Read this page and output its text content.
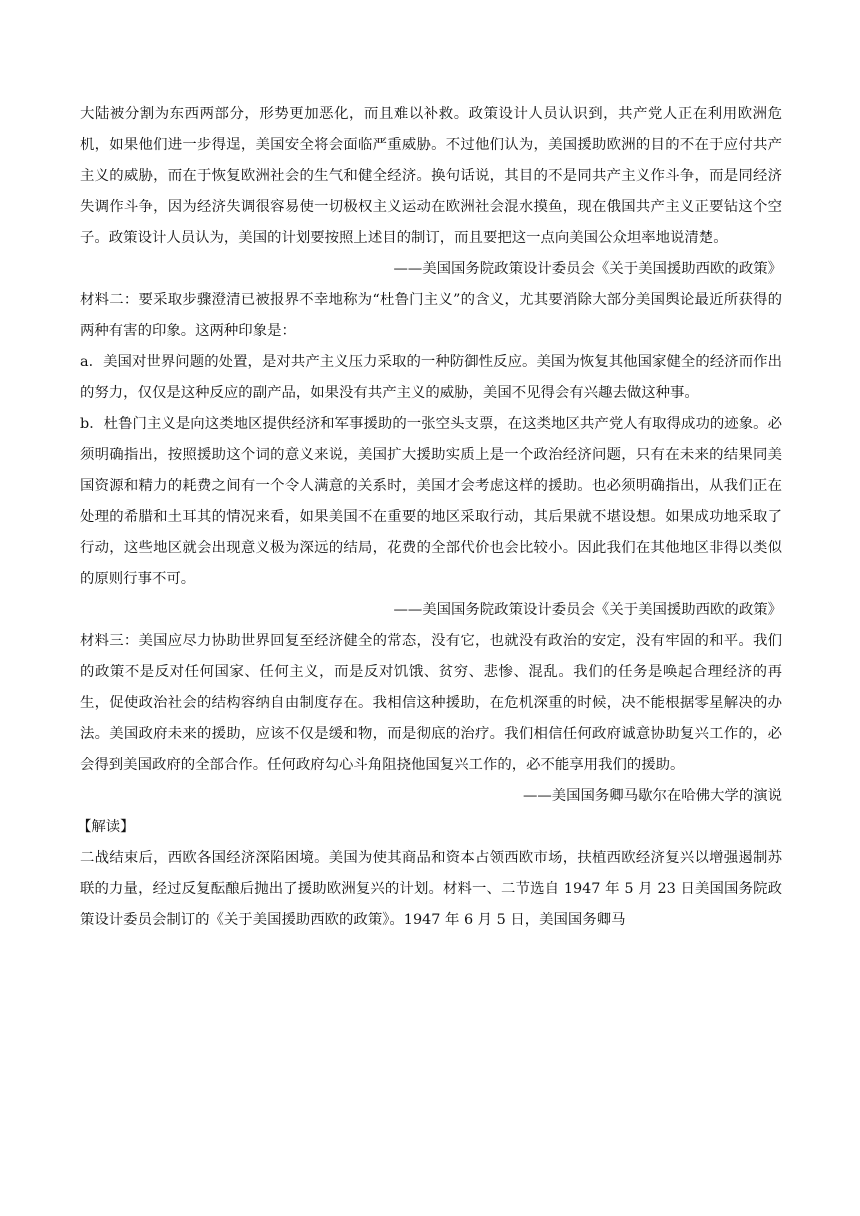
大陆被分割为东西两部分，形势更加恶化，而且难以补救。政策设计人员认识到，共产党人正在利用欧洲危机，如果他们进一步得逞，美国安全将会面临严重威胁。不过他们认为，美国援助欧洲的目的不在于应付共产主义的威胁，而在于恢复欧洲社会的生气和健全经济。换句话说，其目的不是同共产主义作斗争，而是同经济失调作斗争，因为经济失调很容易使一切极权主义运动在欧洲社会混水摸鱼，现在俄国共产主义正要钻这个空子。政策设计人员认为，美国的计划要按照上述目的制订，而且要把这一点向美国公众坦率地说清楚。

——美国国务院政策设计委员会《关于美国援助西欧的政策》

材料二：要采取步骤澄清已被报界不幸地称为“杜鲁门主义”的含义，尤其要消除大部分美国舆论最近所获得的两种有害的印象。这两种印象是：

a．美国对世界问题的处置，是对共产主义压力采取的一种防御性反应。美国为恢复其他国家健全的经济而作出的努力，仅仅是这种反应的副产品，如果没有共产主义的威胁，美国不见得会有兴趣去做这种事。

b．杜鲁门主义是向这类地区提供经济和军事援助的一张空头支票，在这类地区共产党人有取得成功的迹象。必须明确指出，按照援助这个词的意义来说，美国扩大援助实质上是一个政治经济问题，只有在未来的结果同美国资源和精力的耗费之间有一个令人满意的关系时，美国才会考虑这样的援助。也必须明确指出，从我们正在处理的希腊和土耳其的情况来看，如果美国不在重要的地区采取行动，其后果就不堪设想。如果成功地采取了行动，这些地区就会出现意义极为深远的结局，花费的全部代价也会比较小。因此我们在其他地区非得以类似的原则行事不可。

——美国国务院政策设计委员会《关于美国援助西欧的政策》

材料三：美国应尽力协助世界回复至经济健全的常态，没有它，也就没有政治的安定，没有牢固的和平。我们的政策不是反对任何国家、任何主义，而是反对饥饿、贫穷、悲惨、混乱。我们的任务是唤起合理经济的再生，促使政治社会的结构容纳自由制度存在。我相信这种援助，在危机深重的时候，决不能根据零星解决的办法。美国政府未来的援助，应该不仅是缓和物，而是彻底的治疗。我们相信任何政府诚意协助复兴工作的，必会得到美国政府的全部合作。任何政府勾心斗角阻挠他国复兴工作的，必不能享用我们的援助。

——美国国务卿马歇尔在哈佛大学的演说

【解读】

二战结束后，西欧各国经济深陷困境。美国为使其商品和资本占领西欧市场，扶植西欧经济复兴以增强遏制苏联的力量，经过反复酝酿后抛出了援助欧洲复兴的计划。材料一、二节选自 1947 年 5 月 23 日美国国务院政策设计委员会制订的《关于美国援助西欧的政策》。1947 年 6 月 5 日，美国国务卿马
